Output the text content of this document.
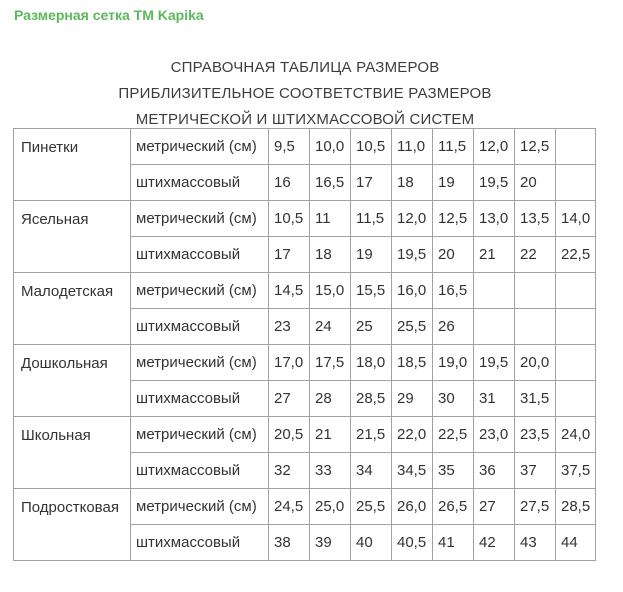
Размерная сетка ТМ Kapika
СПРАВОЧНАЯ ТАБЛИЦА РАЗМЕРОВ
ПРИБЛИЗИТЕЛЬНОЕ СООТВЕТСТВИЕ РАЗМЕРОВ
МЕТРИЧЕСКОЙ И ШТИХМАССОВОЙ СИСТЕМ
Пинетки	метрический (см)	9,5	10,0	10,5	11,0	11,5	12,0	12,5	
	штихмассовый	16	16,5	17	18	19	19,5	20	
Ясельная	метрический (см)	10,5	11	11,5	12,0	12,5	13,0	13,5	14,0
	штихмассовый	17	18	19	19,5	20	21	22	22,5
Малодетская	метрический (см)	14,5	15,0	15,5	16,0	16,5			
	штихмассовый	23	24	25	25,5	26			
Дошкольная	метрический (см)	17,0	17,5	18,0	18,5	19,0	19,5	20,0	
	штихмассовый	27	28	28,5	29	30	31	31,5	
Школьная	метрический (см)	20,5	21	21,5	22,0	22,5	23,0	23,5	24,0
	штихмассовый	32	33	34	34,5	35	36	37	37,5
Подростковая	метрический (см)	24,5	25,0	25,5	26,0	26,5	27	27,5	28,5
	штихмассовый	38	39	40	40,5	41	42	43	44
